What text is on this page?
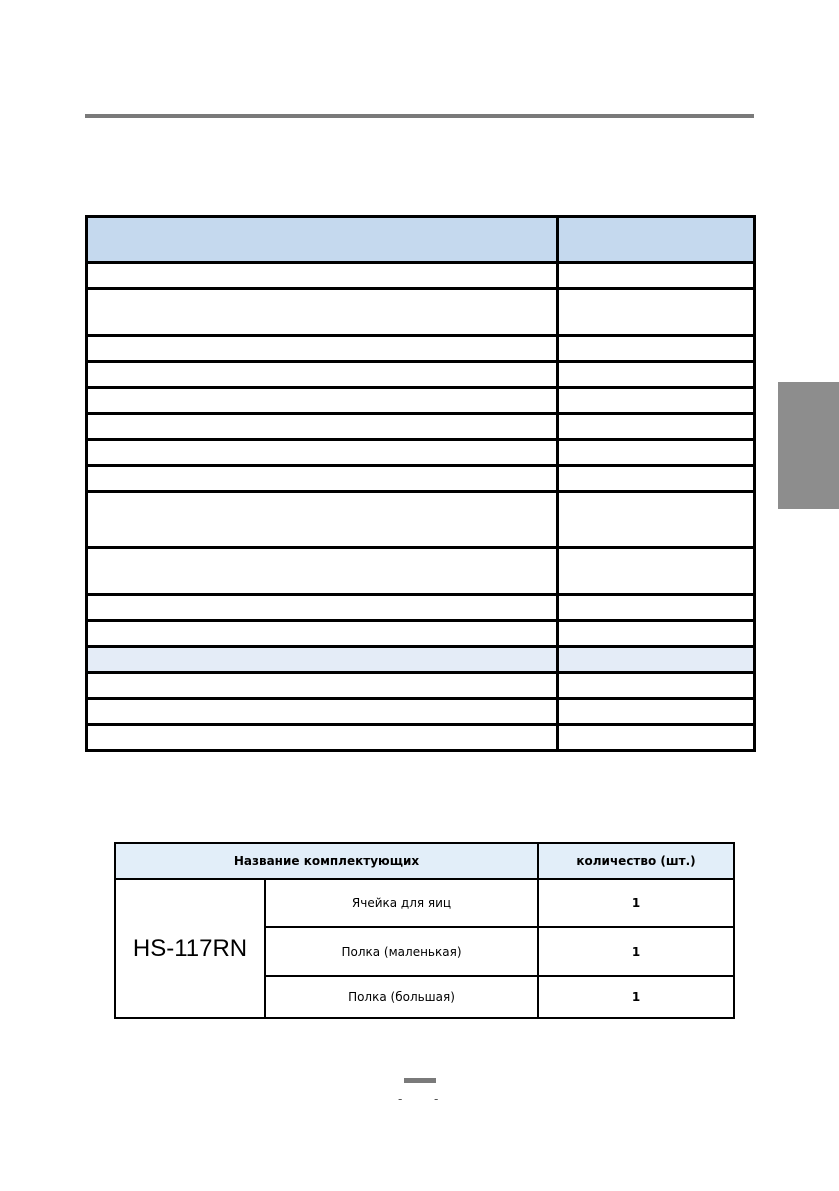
Название комплектующих		количество (шт.)
HS-117RN	Ячейка для яиц	1
	Полка (маленькая)	1
	Полка (большая)	1
-	-
